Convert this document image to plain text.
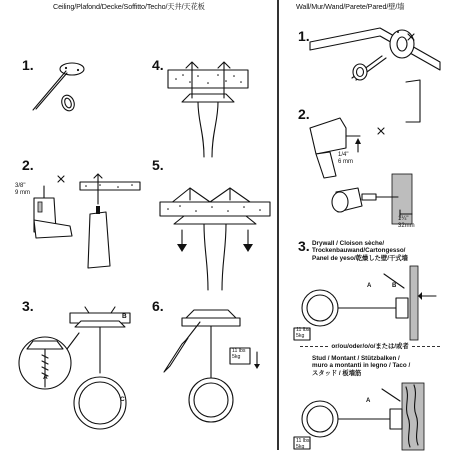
Ceiling/Plafond/Decke/Soffitto/Techo/天井/天花板	Wall/Mur/Wand/Parete/Pared/壁/墙
1.	4.
2.	5.
3.	6.
1.
2.
3.
3/8"
9 mm
A
B
C
11 lbs
5kg
1/4"
6 mm
1¼"
32mm
Drywall / Cloison sèche/
Trockenbauwand/Cartongesso/
Panel de yeso/乾燥した壁/干式墙
A	B
11 lbs
5kg
or/ou/oder/o/o/または/或者
Stud / Montant / Stützbalken /
muro a montanti in legno / Taco /
スタッド / 板墙筋
A
11 lbs
5kg
